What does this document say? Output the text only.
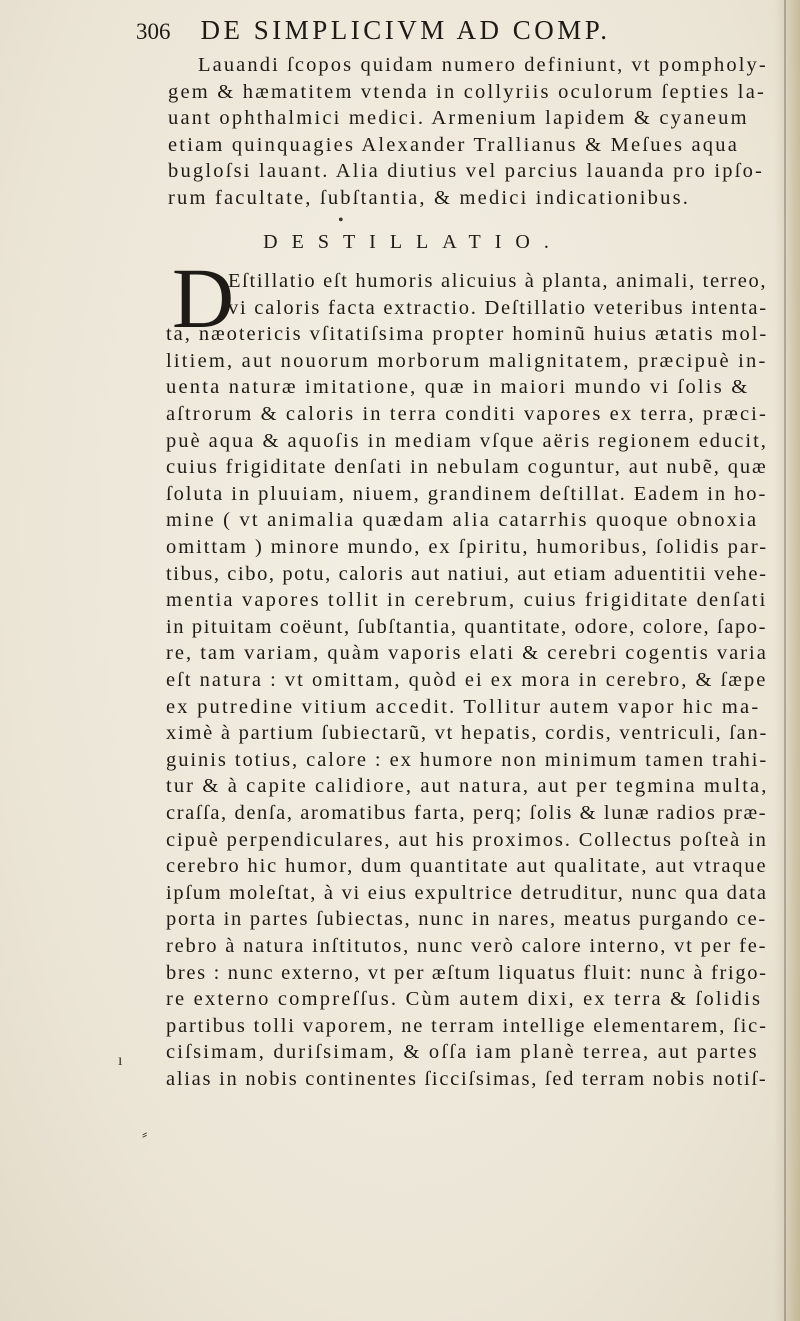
306 DE SIMPLICIVM AD COMP.
Lauandi ſcopos quidam numero definiunt, vt pompholy-
gem & hæmatitem vtenda in collyriis oculorum ſepties la-
uant ophthalmici medici. Armenium lapidem & cyaneum
etiam quinquagies Alexander Trallianus & Meſues aqua
bugloſsi lauant. Alia diutius vel parcius lauanda pro ipſo-
rum facultate, ſubſtantia, & medici indicationibus.
DESTILLATIO.
D
Eſtillatio eſt humoris alicuius à planta, animali, terreo,
vi caloris facta extractio. Deſtillatio veteribus intenta-
ta, næotericis vſitatiſsima propter hominũ huius ætatis mol-
litiem, aut nouorum morborum malignitatem, præcipuè in-
uenta naturæ imitatione, quæ in maiori mundo vi ſolis &
aſtrorum & caloris in terra conditi vapores ex terra, præci-
puè aqua & aquoſis in mediam vſque aëris regionem educit,
cuius frigiditate denſati in nebulam coguntur, aut nubẽ, quæ
ſoluta in pluuiam, niuem, grandinem deſtillat. Eadem in ho-
mine ( vt animalia quædam alia catarrhis quoque obnoxia
omittam ) minore mundo, ex ſpiritu, humoribus, ſolidis par-
tibus, cibo, potu, caloris aut natiui, aut etiam aduentitii vehe-
mentia vapores tollit in cerebrum, cuius frigiditate denſati
in pituitam coëunt, ſubſtantia, quantitate, odore, colore, ſapo-
re, tam variam, quàm vaporis elati & cerebri cogentis varia
eſt natura : vt omittam, quòd ei ex mora in cerebro, & ſæpe
ex putredine vitium accedit. Tollitur autem vapor hic ma-
ximè à partium ſubiectarũ, vt hepatis, cordis, ventriculi, ſan-
guinis totius, calore : ex humore non minimum tamen trahi-
tur & à capite calidiore, aut natura, aut per tegmina multa,
craſſa, denſa, aromatibus farta, perq; ſolis & lunæ radios præ-
cipuè perpendiculares, aut his proximos. Collectus poſteà in
cerebro hic humor, dum quantitate aut qualitate, aut vtraque
ipſum moleſtat, à vi eius expultrice detruditur, nunc qua data
porta in partes ſubiectas, nunc in nares, meatus purgando ce-
rebro à natura inſtitutos, nunc verò calore interno, vt per fe-
bres : nunc externo, vt per æſtum liquatus fluit: nunc à frigo-
re externo compreſſus. Cùm autem dixi, ex terra & ſolidis
partibus tolli vaporem, ne terram intellige elementarem, ſic-
ciſsimam, duriſsimam, & oſſa iam planè terrea, aut partes
alias in nobis continentes ſicciſsimas, ſed terram nobis notiſ-
•
ı
⸗
